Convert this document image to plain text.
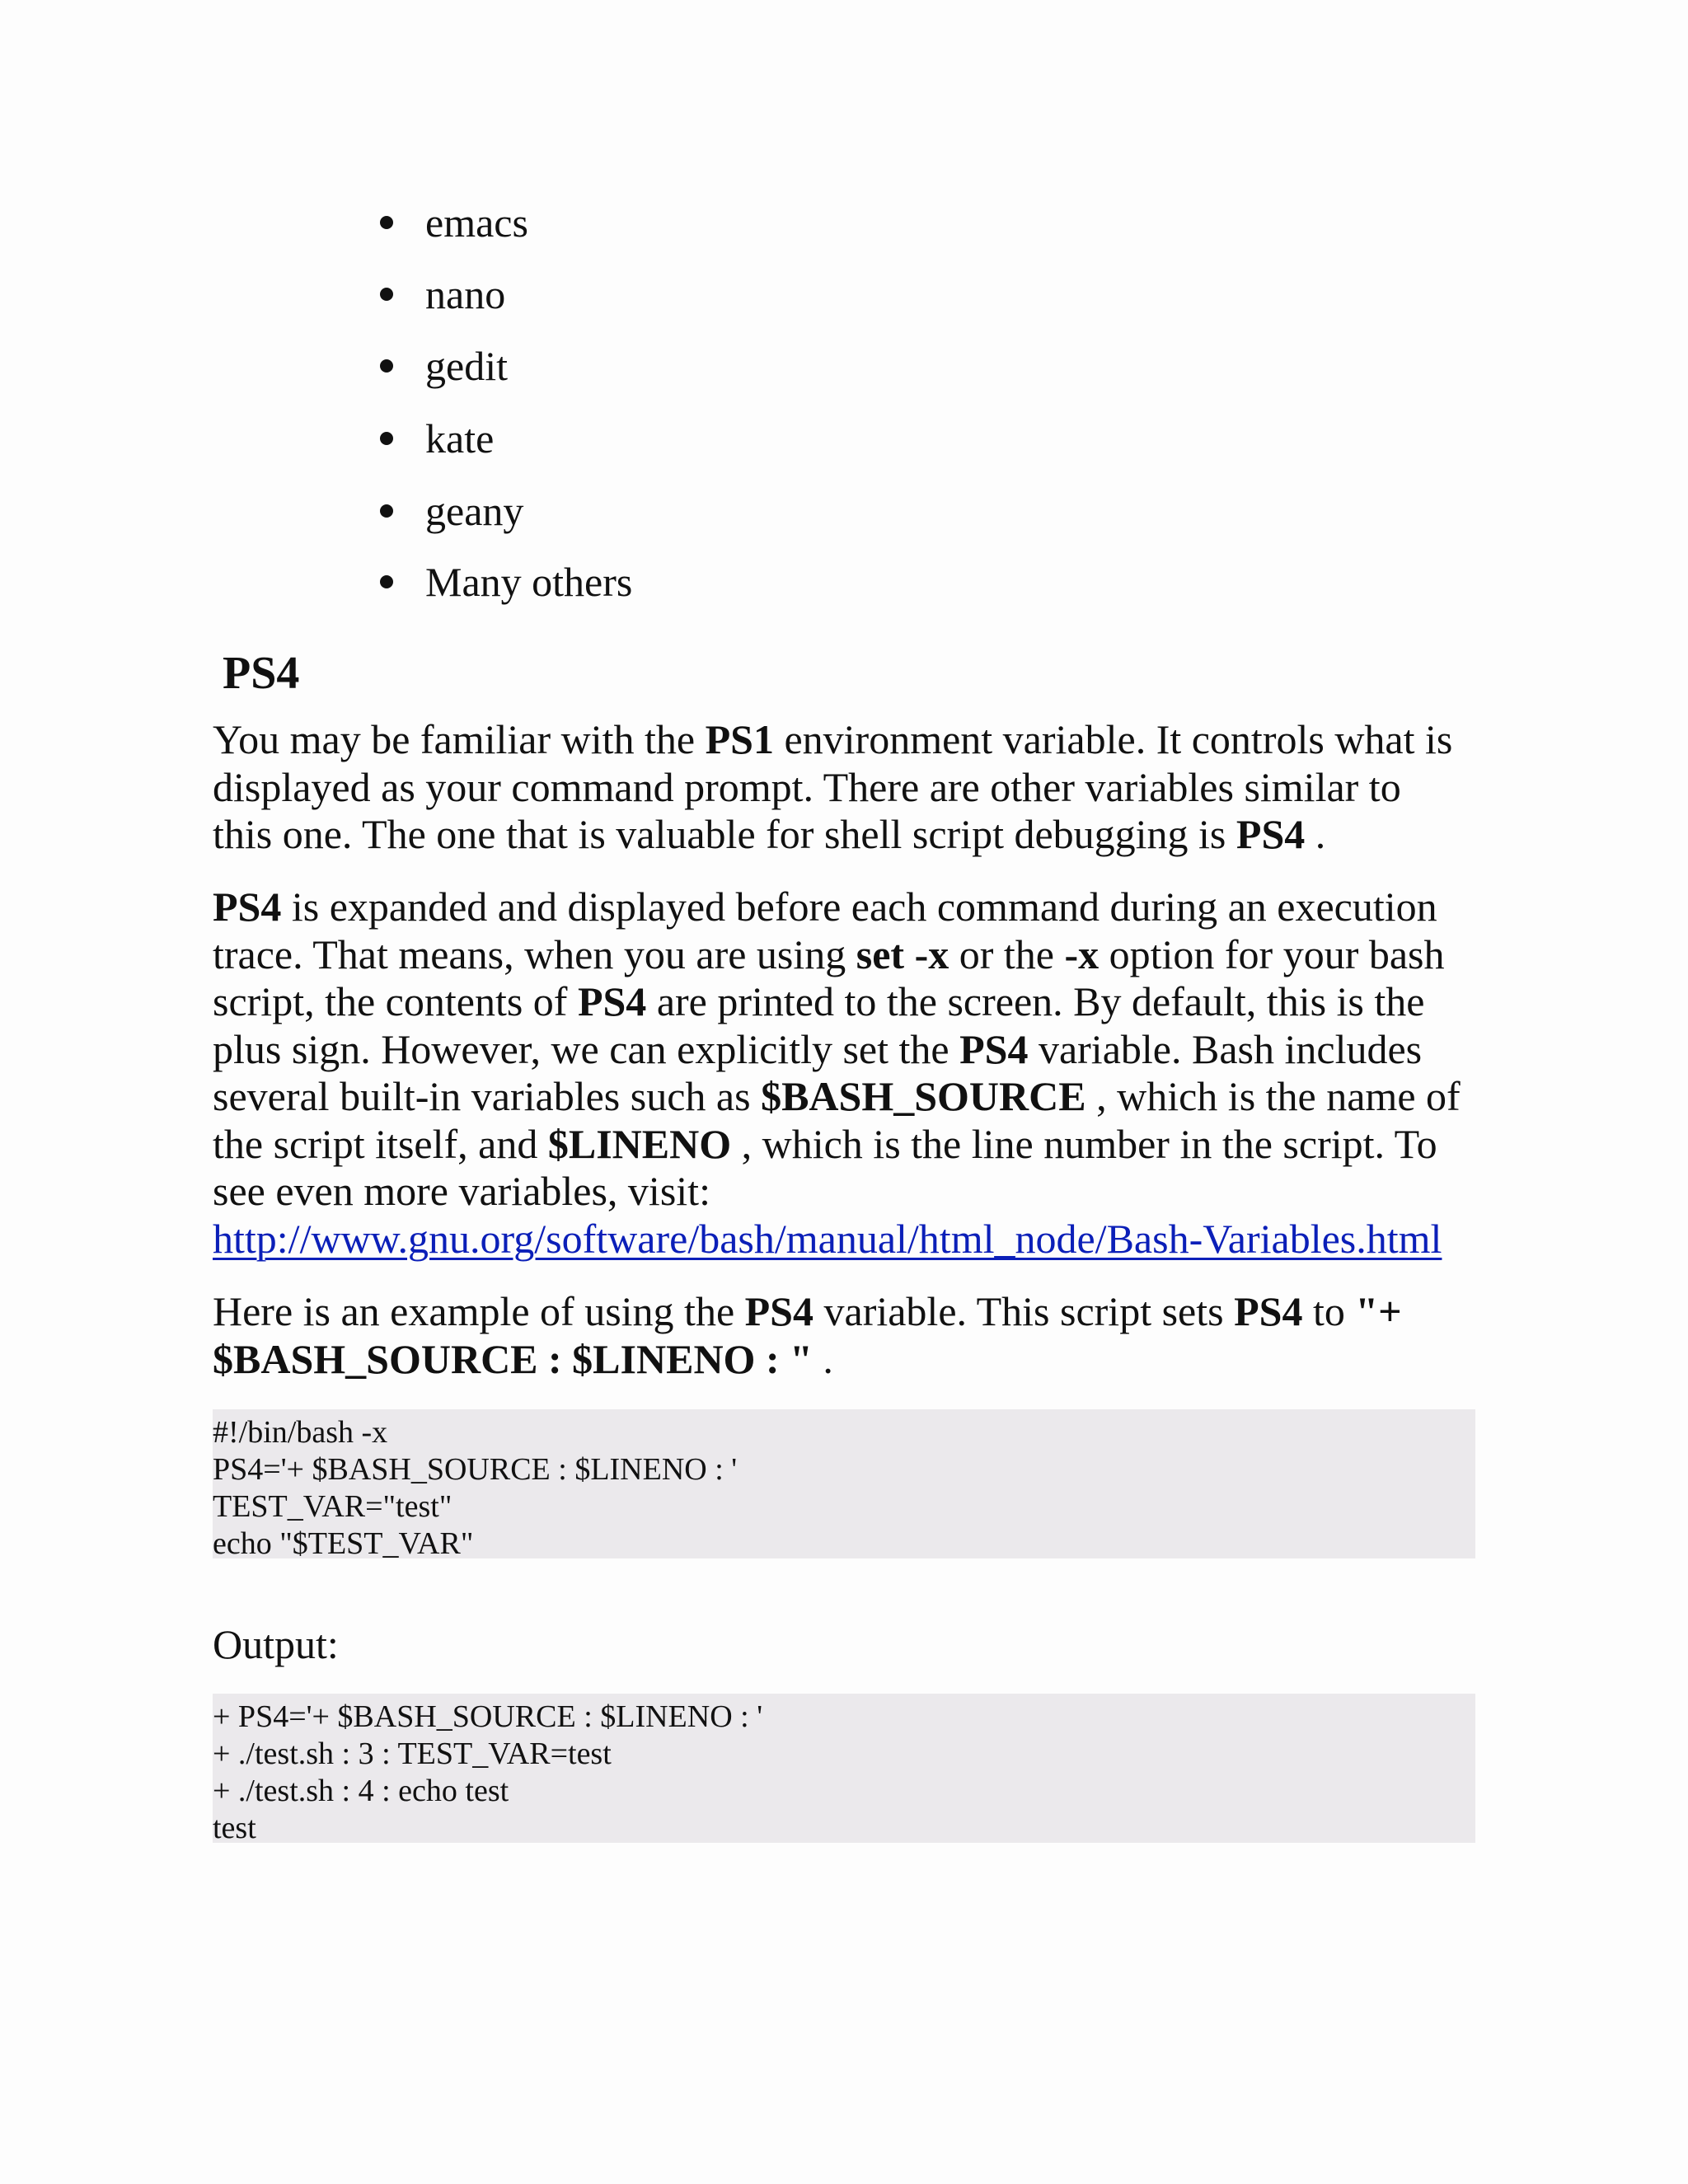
emacs
nano
gedit
kate
geany
Many others
PS4

You may be familiar with the PS1 environment variable. It controls what is
displayed as your command prompt. There are other variables similar to
this one. The one that is valuable for shell script debugging is PS4 .

PS4 is expanded and displayed before each command during an execution
trace. That means, when you are using set -x or the -x option for your bash
script, the contents of PS4 are printed to the screen. By default, this is the
plus sign. However, we can explicitly set the PS4 variable. Bash includes
several built-in variables such as $BASH_SOURCE , which is the name of
the script itself, and $LINENO , which is the line number in the script. To
see even more variables, visit:
http://www.gnu.org/software/bash/manual/html_node/Bash-Variables.html

Here is an example of using the PS4 variable. This script sets PS4 to "+
$BASH_SOURCE : $LINENO : " .

#!/bin/bash -x
PS4='+ $BASH_SOURCE : $LINENO : '
TEST_VAR="test"
echo "$TEST_VAR"

Output:

+ PS4='+ $BASH_SOURCE : $LINENO : '
+ ./test.sh : 3 : TEST_VAR=test
+ ./test.sh : 4 : echo test
test
